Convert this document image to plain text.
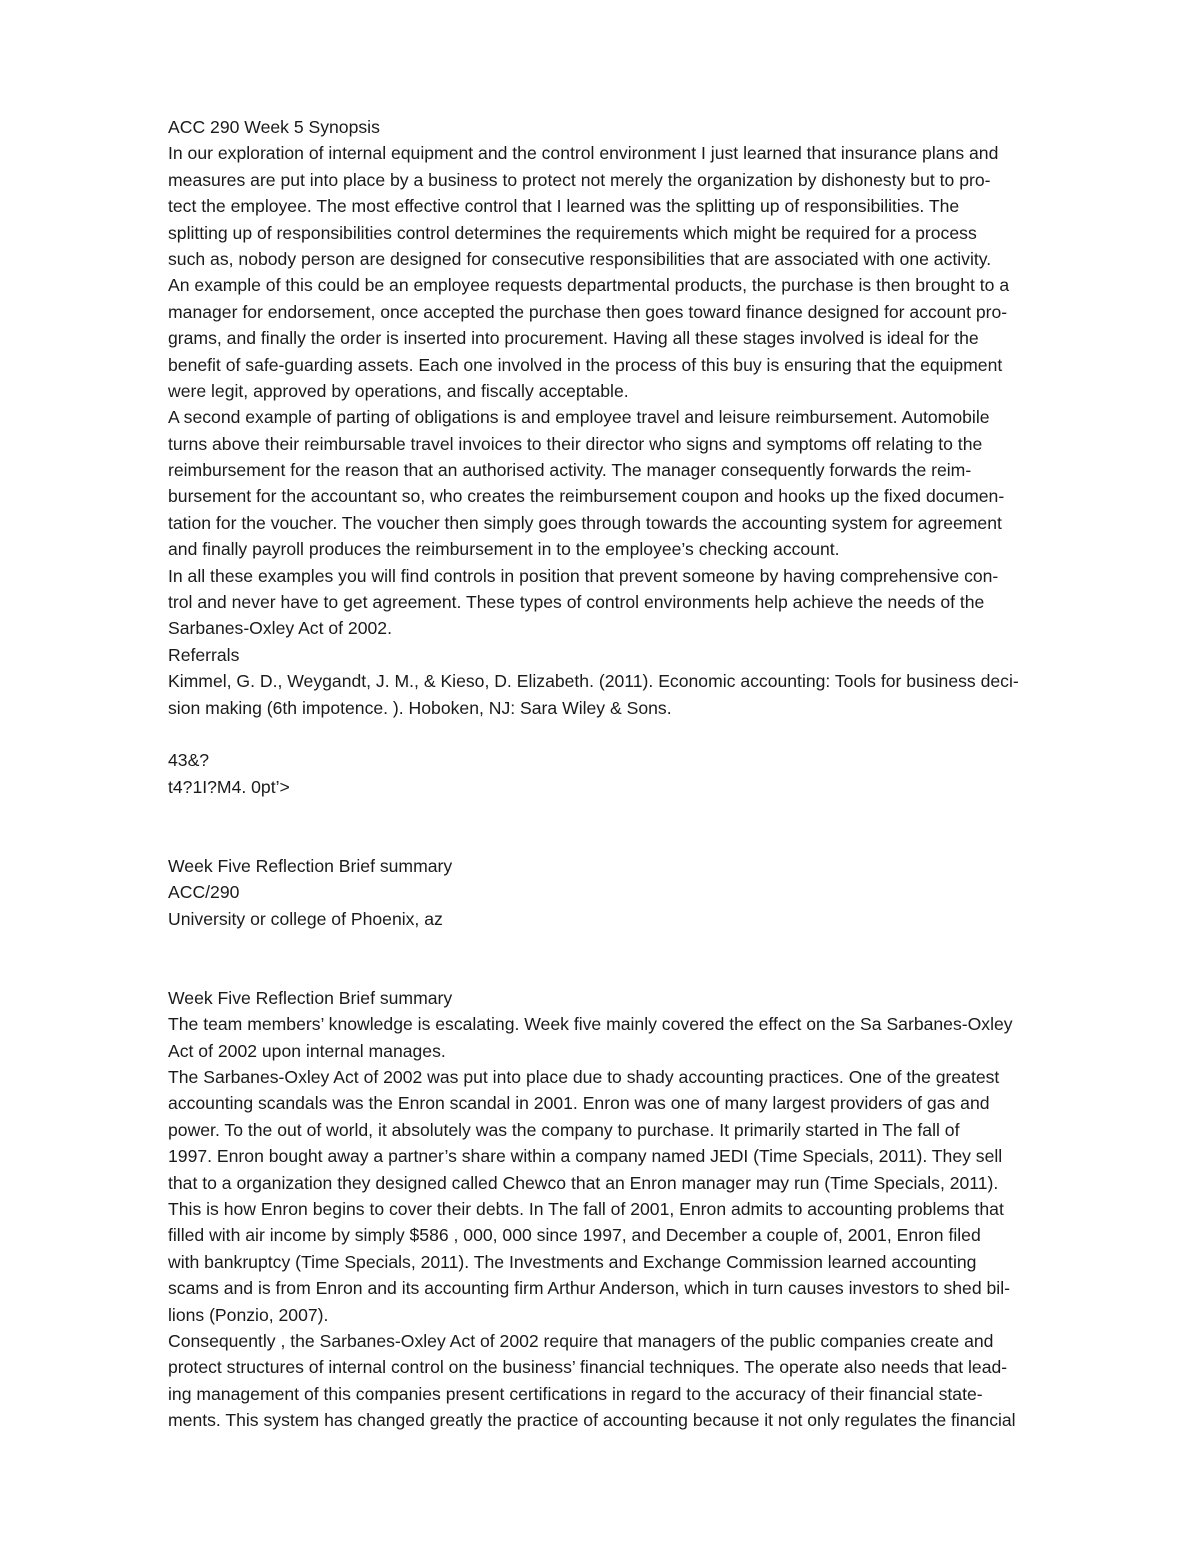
ACC 290 Week 5 Synopsis
In our exploration of internal equipment and the control environment I just learned that insurance plans and
measures are put into place by a business to protect not merely the organization by dishonesty but to pro-
tect the employee. The most effective control that I learned was the splitting up of responsibilities. The
splitting up of responsibilities control determines the requirements which might be required for a process
such as, nobody person are designed for consecutive responsibilities that are associated with one activity.
An example of this could be an employee requests departmental products, the purchase is then brought to a
manager for endorsement, once accepted the purchase then goes toward finance designed for account pro-
grams, and finally the order is inserted into procurement. Having all these stages involved is ideal for the
benefit of safe-guarding assets. Each one involved in the process of this buy is ensuring that the equipment
were legit, approved by operations, and fiscally acceptable.
A second example of parting of obligations is and employee travel and leisure reimbursement. Automobile
turns above their reimbursable travel invoices to their director who signs and symptoms off relating to the
reimbursement for the reason that an authorised activity. The manager consequently forwards the reim-
bursement for the accountant so, who creates the reimbursement coupon and hooks up the fixed documen-
tation for the voucher. The voucher then simply goes through towards the accounting system for agreement
and finally payroll produces the reimbursement in to the employee’s checking account.
In all these examples you will find controls in position that prevent someone by having comprehensive con-
trol and never have to get agreement. These types of control environments help achieve the needs of the
Sarbanes-Oxley Act of 2002.
Referrals
Kimmel, G. D., Weygandt, J. M., & Kieso, D. Elizabeth. (2011). Economic accounting: Tools for business deci-
sion making (6th impotence. ). Hoboken, NJ: Sara Wiley & Sons.
43&?
t4?1I?M4. 0pt’>
Week Five Reflection Brief summary
ACC/290
University or college of Phoenix, az
Week Five Reflection Brief summary
The team members’ knowledge is escalating. Week five mainly covered the effect on the Sa Sarbanes-Oxley
Act of 2002 upon internal manages.
The Sarbanes-Oxley Act of 2002 was put into place due to shady accounting practices. One of the greatest
accounting scandals was the Enron scandal in 2001. Enron was one of many largest providers of gas and
power. To the out of world, it absolutely was the company to purchase. It primarily started in The fall of
1997. Enron bought away a partner’s share within a company named JEDI (Time Specials, 2011). They sell
that to a organization they designed called Chewco that an Enron manager may run (Time Specials, 2011).
This is how Enron begins to cover their debts. In The fall of 2001, Enron admits to accounting problems that
filled with air income by simply $586 , 000, 000 since 1997, and December a couple of, 2001, Enron filed
with bankruptcy (Time Specials, 2011). The Investments and Exchange Commission learned accounting
scams and is from Enron and its accounting firm Arthur Anderson, which in turn causes investors to shed bil-
lions (Ponzio, 2007).
Consequently , the Sarbanes-Oxley Act of 2002 require that managers of the public companies create and
protect structures of internal control on the business’ financial techniques. The operate also needs that lead-
ing management of this companies present certifications in regard to the accuracy of their financial state-
ments. This system has changed greatly the practice of accounting because it not only regulates the financial
